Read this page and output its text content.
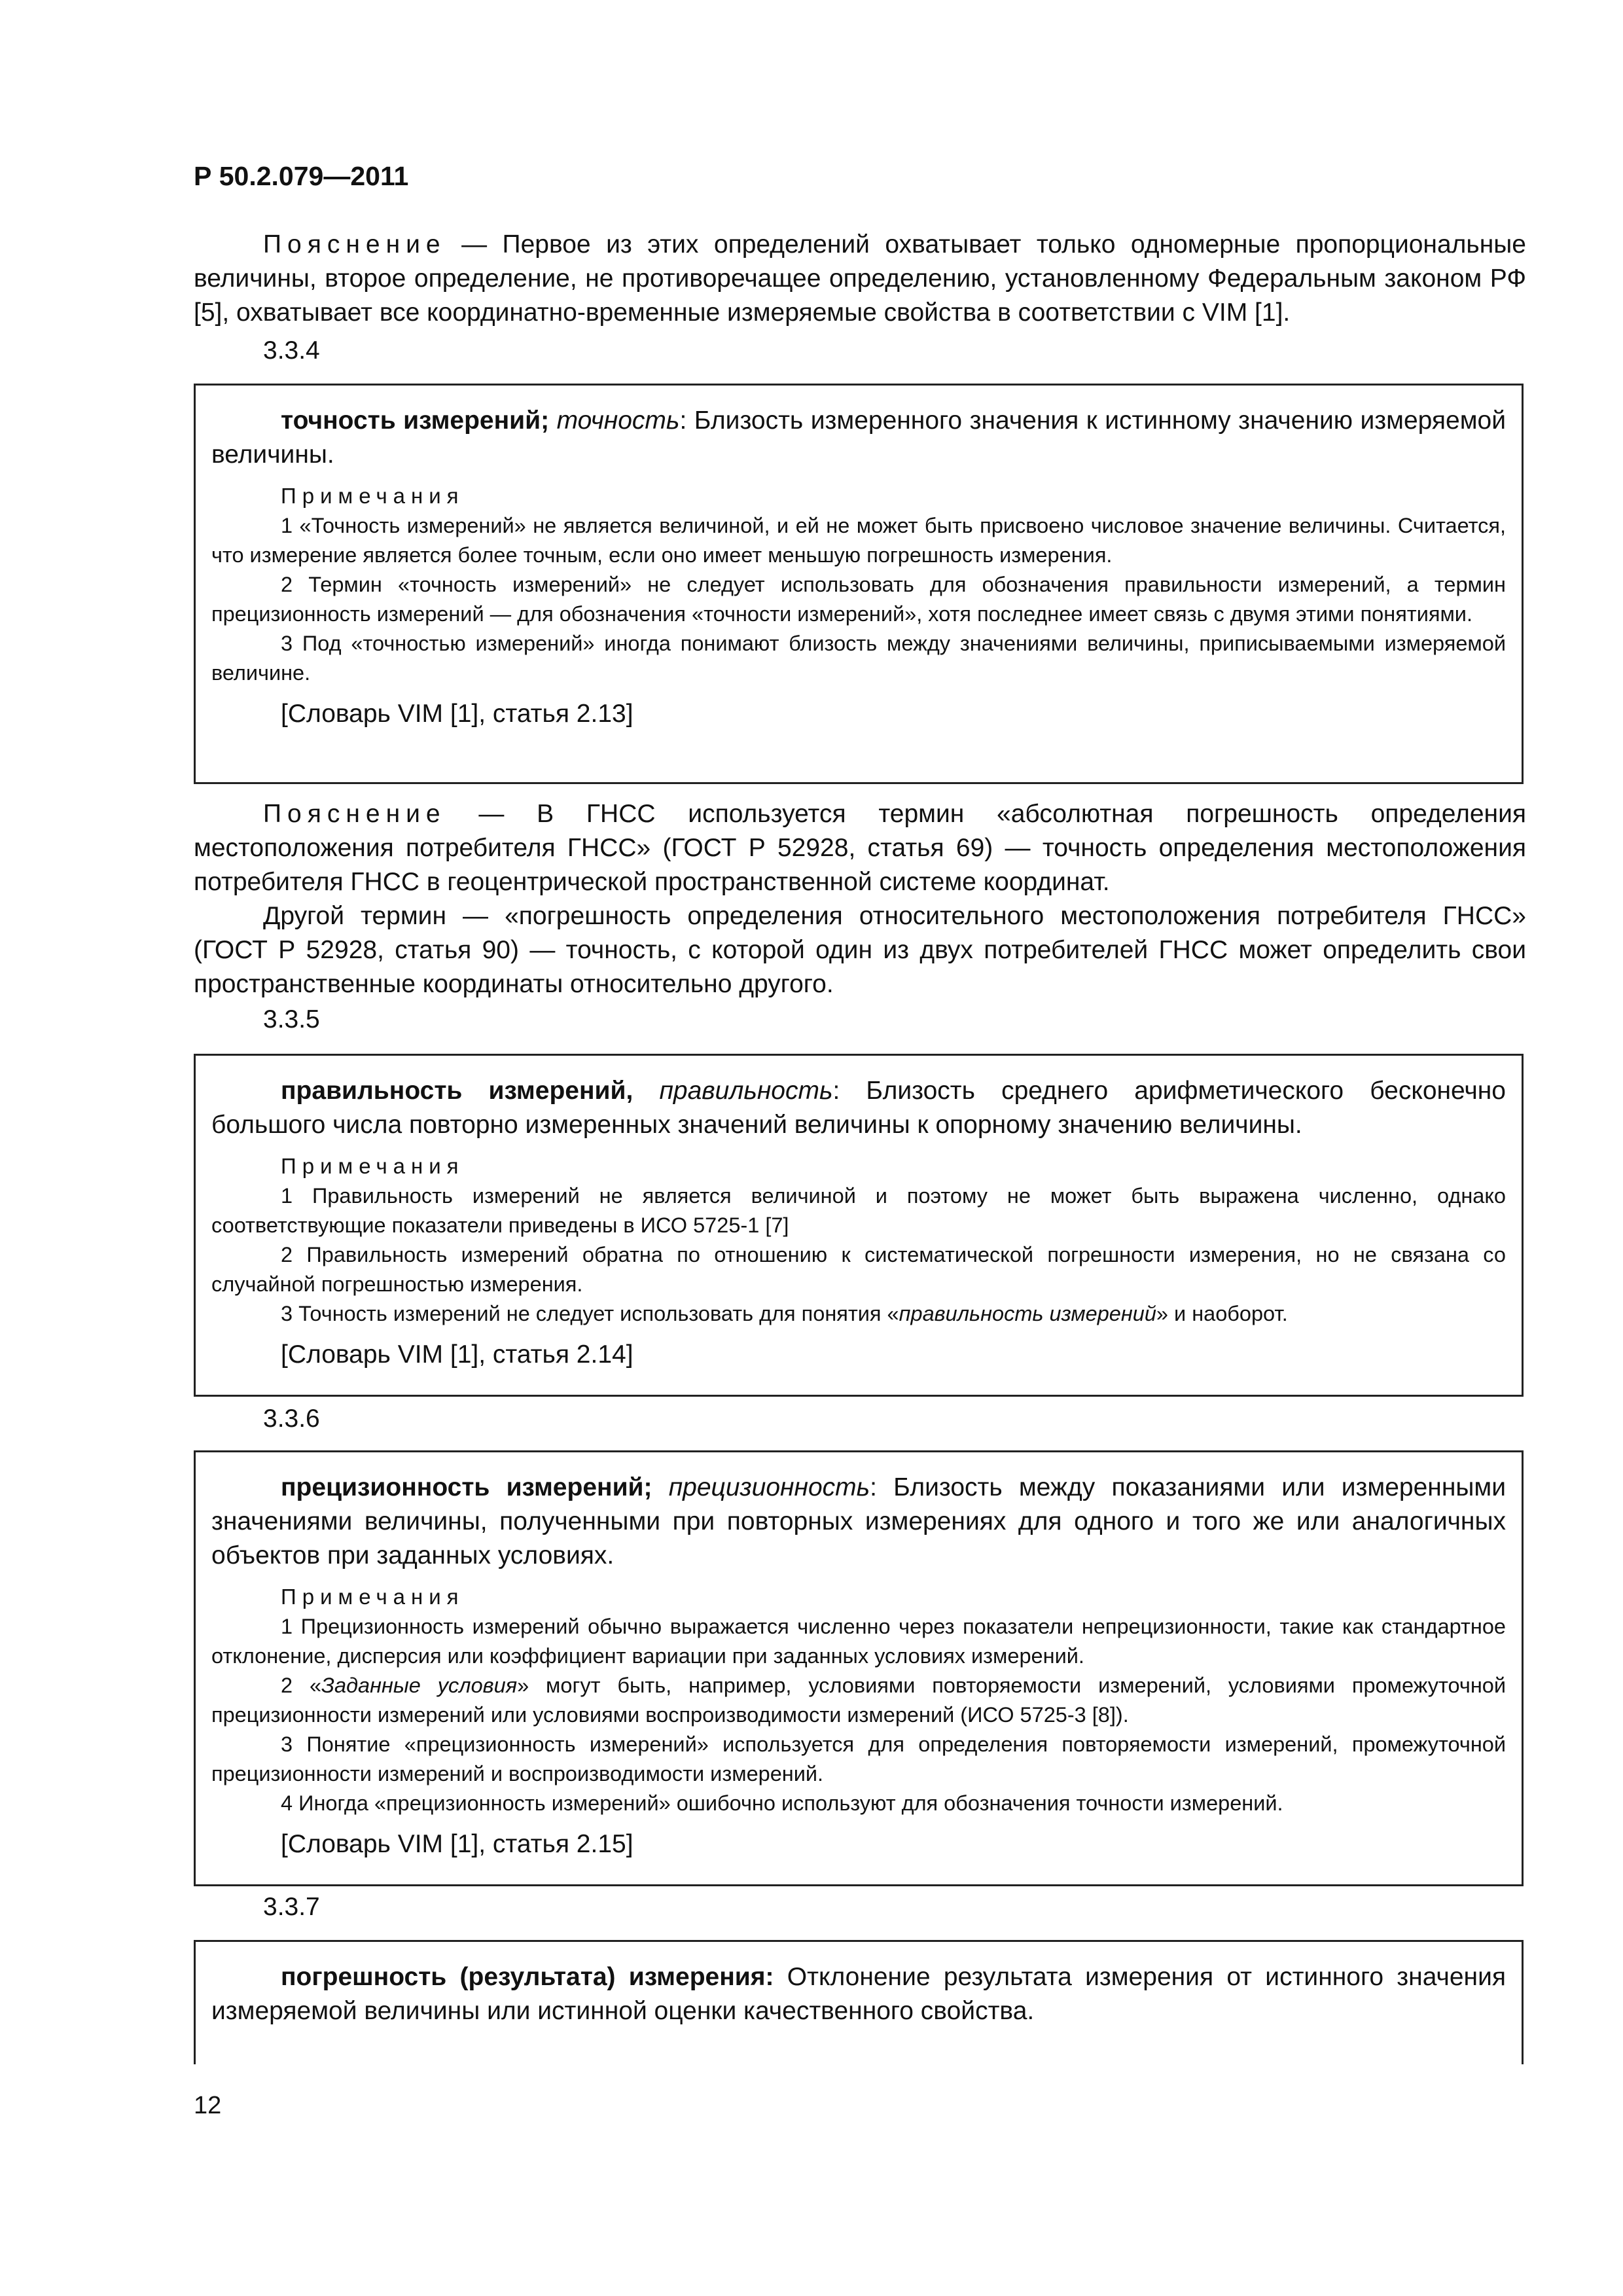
Р 50.2.079—2011
Пояснение — Первое из этих определений охватывает только одномерные пропорциональные величины, второе определение, не противоречащее определению, установленному Федеральным законом РФ [5], охватывает все координатно-временные измеряемые свойства в соответствии с VIM [1].
3.3.4

точность измерений; точность: Близость измеренного значения к истинному значению измеряемой величины.

Примечания

1 «Точность измерений» не является величиной, и ей не может быть присвоено числовое значение величины. Считается, что измерение является более точным, если оно имеет меньшую погрешность измерения.

2 Термин «точность измерений» не следует использовать для обозначения правильности измерений, а термин прецизионность измерений — для обозначения «точности измерений», хотя последнее имеет связь с двумя этими понятиями.

3 Под «точностью измерений» иногда понимают близость между значениями величины, приписываемыми измеряемой величине.

[Словарь VIM [1], статья 2.13]
Пояснение — В ГНСС используется термин «абсолютная погрешность определения местоположения потребителя ГНСС» (ГОСТ Р 52928, статья 69) — точность определения местоположения потребителя ГНСС в геоцентрической пространственной системе координат.
Другой термин — «погрешность определения относительного местоположения потребителя ГНСС» (ГОСТ Р 52928, статья 90) — точность, с которой один из двух потребителей ГНСС может определить свои пространственные координаты относительно другого.
3.3.5

правильность измерений, правильность: Близость среднего арифметического бесконечно большого числа повторно измеренных значений величины к опорному значению величины.

Примечания

1 Правильность измерений не является величиной и поэтому не может быть выражена численно, однако соответствующие показатели приведены в ИСО 5725-1 [7]

2 Правильность измерений обратна по отношению к систематической погрешности измерения, но не связана со случайной погрешностью измерения.

3 Точность измерений не следует использовать для понятия «правильность измерений» и наоборот.

[Словарь VIM [1], статья 2.14]
3.3.6

прецизионность измерений; прецизионность: Близость между показаниями или измеренными значениями величины, полученными при повторных измерениях для одного и того же или аналогичных объектов при заданных условиях.

Примечания

1 Прецизионность измерений обычно выражается численно через показатели непрецизионности, такие как стандартное отклонение, дисперсия или коэффициент вариации при заданных условиях измерений.

2 «Заданные условия» могут быть, например, условиями повторяемости измерений, условиями промежуточной прецизионности измерений или условиями воспроизводимости измерений (ИСО 5725-3 [8]).

3 Понятие «прецизионность измерений» используется для определения повторяемости измерений, промежуточной прецизионности измерений и воспроизводимости измерений.

4 Иногда «прецизионность измерений» ошибочно используют для обозначения точности измерений.

[Словарь VIM [1], статья 2.15]
3.3.7

погрешность (результата) измерения: Отклонение результата измерения от истинного значения измеряемой величины или истинной оценки качественного свойства.

12
